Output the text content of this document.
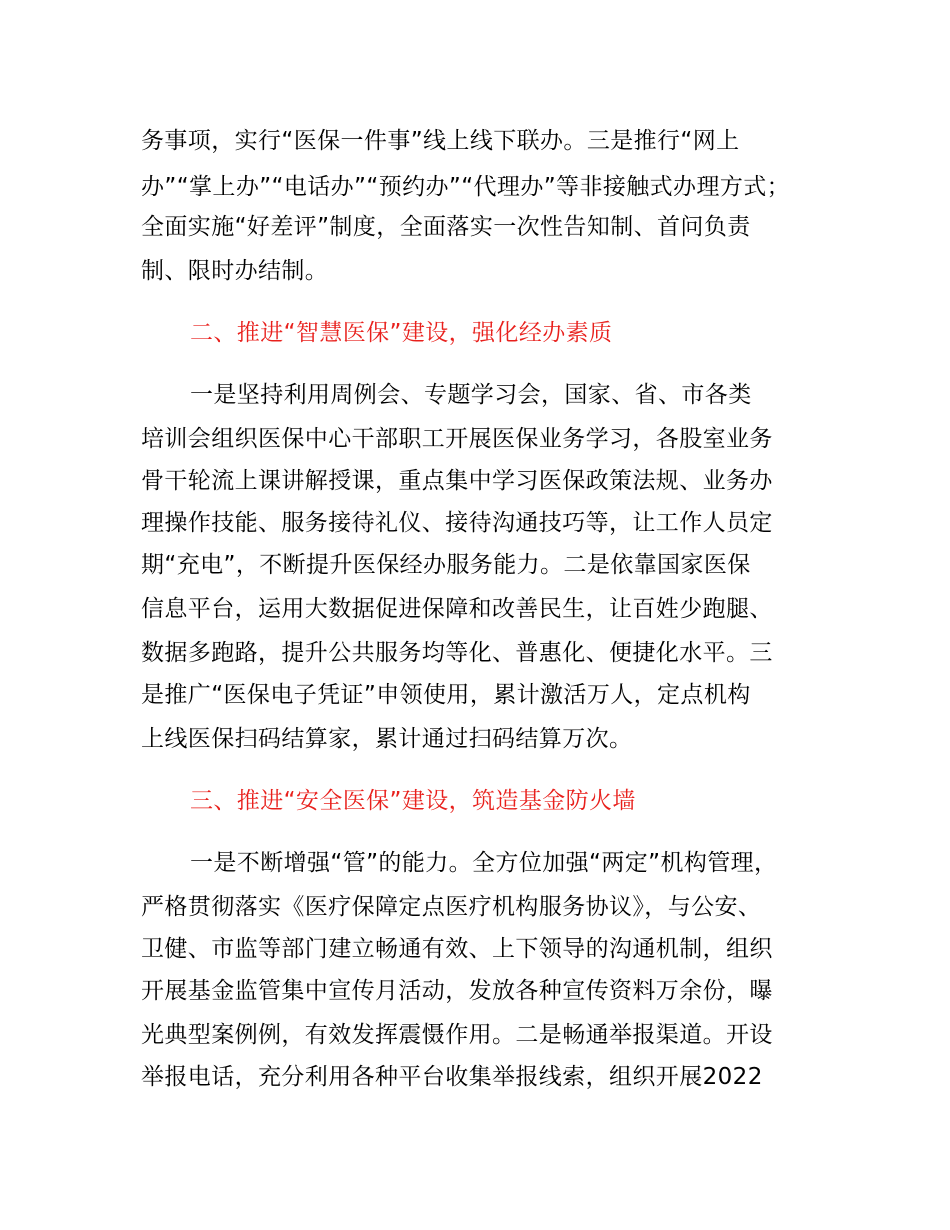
务事项，实行“医保一件事”线上线下联办。三是推行“网上
办”“掌上办”“电话办”“预约办”“代理办”等非接触式办理方式；
全面实施“好差评”制度，全面落实一次性告知制、首问负责
制、限时办结制。
二、推进“智慧医保”建设，强化经办素质
一是坚持利用周例会、专题学习会，国家、省、市各类
培训会组织医保中心干部职工开展医保业务学习，各股室业务
骨干轮流上课讲解授课，重点集中学习医保政策法规、业务办
理操作技能、服务接待礼仪、接待沟通技巧等，让工作人员定
期“充电”，不断提升医保经办服务能力。二是依靠国家医保
信息平台，运用大数据促进保障和改善民生，让百姓少跑腿、
数据多跑路，提升公共服务均等化、普惠化、便捷化水平。三
是推广“医保电子凭证”申领使用，累计激活万人，定点机构
上线医保扫码结算家，累计通过扫码结算万次。
三、推进“安全医保”建设，筑造基金防火墙
一是不断增强“管”的能力。全方位加强“两定”机构管理，
严格贯彻落实《医疗保障定点医疗机构服务协议》，与公安、
卫健、市监等部门建立畅通有效、上下领导的沟通机制，组织
开展基金监管集中宣传月活动，发放各种宣传资料万余份，曝
光典型案例例，有效发挥震慑作用。二是畅通举报渠道。开设
举报电话，充分利用各种平台收集举报线索，组织开展2022
